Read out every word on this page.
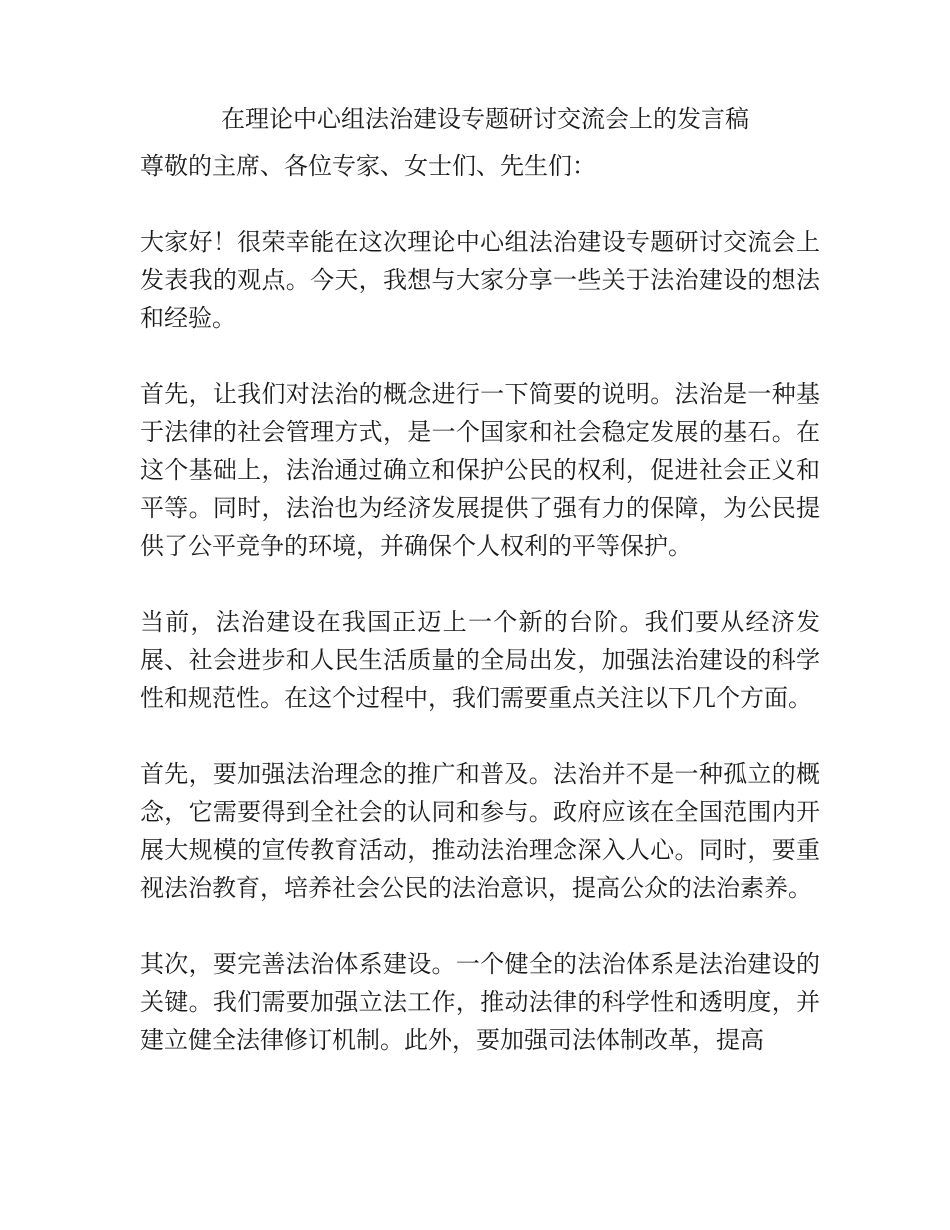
在理论中心组法治建设专题研讨交流会上的发言稿

尊敬的主席、各位专家、女士们、先生们：

大家好！很荣幸能在这次理论中心组法治建设专题研讨交流会上发表我的观点。今天，我想与大家分享一些关于法治建设的想法和经验。

首先，让我们对法治的概念进行一下简要的说明。法治是一种基于法律的社会管理方式，是一个国家和社会稳定发展的基石。在这个基础上，法治通过确立和保护公民的权利，促进社会正义和平等。同时，法治也为经济发展提供了强有力的保障，为公民提供了公平竞争的环境，并确保个人权利的平等保护。

当前，法治建设在我国正迈上一个新的台阶。我们要从经济发展、社会进步和人民生活质量的全局出发，加强法治建设的科学性和规范性。在这个过程中，我们需要重点关注以下几个方面。

首先，要加强法治理念的推广和普及。法治并不是一种孤立的概念，它需要得到全社会的认同和参与。政府应该在全国范围内开展大规模的宣传教育活动，推动法治理念深入人心。同时，要重视法治教育，培养社会公民的法治意识，提高公众的法治素养。

其次，要完善法治体系建设。一个健全的法治体系是法治建设的关键。我们需要加强立法工作，推动法律的科学性和透明度，并建立健全法律修订机制。此外，要加强司法体制改革，提高
